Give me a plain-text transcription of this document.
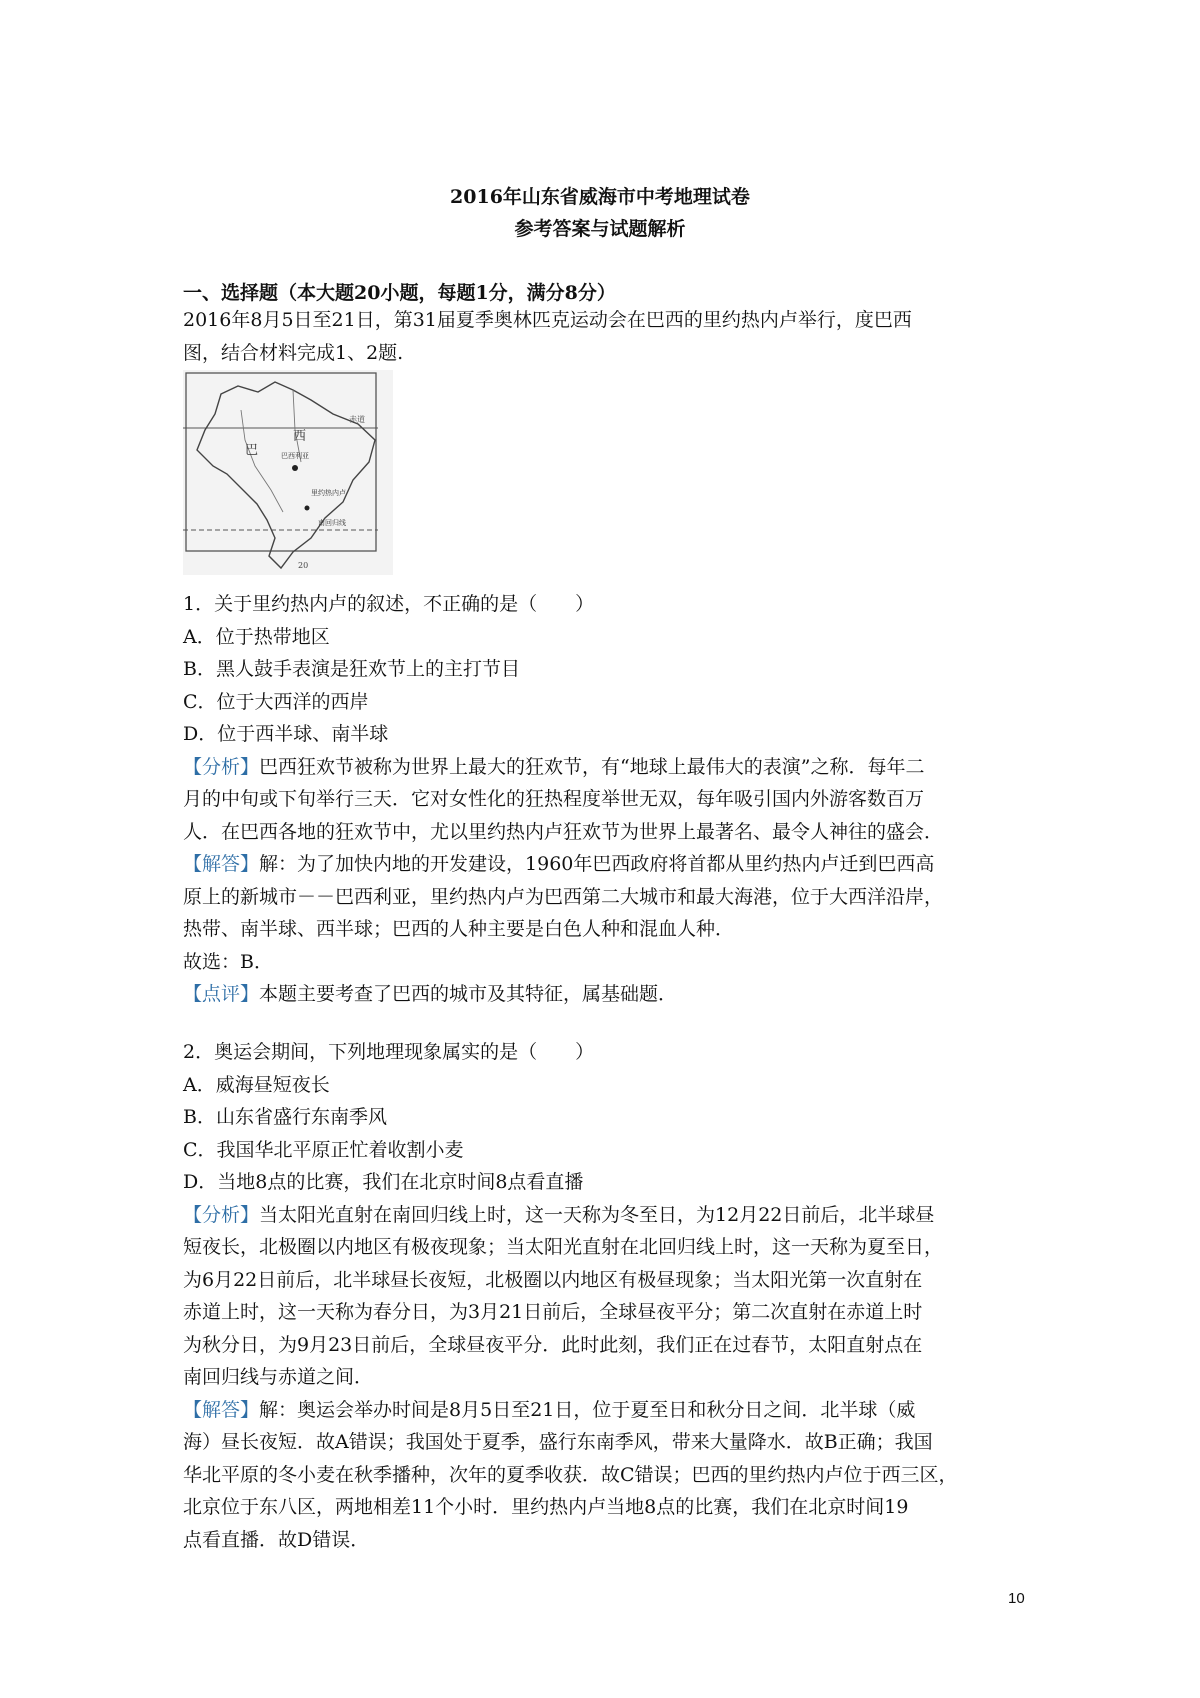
2016年山东省威海市中考地理试卷
参考答案与试题解析
一、选择题（本大题20小题，每题1分，满分8分）

2016年8月5日至21日，第31届夏季奥林匹克运动会在巴西的里约热内卢举行，度巴西

图，结合材料完成1、2题.

赤道
巴
西
巴西利亚
里约热内卢
南回归线
20

1．关于里约热内卢的叙述，不正确的是（　　）

A．位于热带地区

B．黑人鼓手表演是狂欢节上的主打节目

C．位于大西洋的西岸

D．位于西半球、南半球

【分析】巴西狂欢节被称为世界上最大的狂欢节，有“地球上最伟大的表演”之称．每年二

月的中旬或下旬举行三天．它对女性化的狂热程度举世无双，每年吸引国内外游客数百万

人．在巴西各地的狂欢节中，尤以里约热内卢狂欢节为世界上最著名、最令人神往的盛会．

【解答】解：为了加快内地的开发建设，1960年巴西政府将首都从里约热内卢迁到巴西高

原上的新城市－－巴西利亚，里约热内卢为巴西第二大城市和最大海港，位于大西洋沿岸，

热带、南半球、西半球；巴西的人种主要是白色人种和混血人种．

故选：B．

【点评】本题主要考查了巴西的城市及其特征，属基础题．

2．奥运会期间，下列地理现象属实的是（　　）

A．威海昼短夜长

B．山东省盛行东南季风

C．我国华北平原正忙着收割小麦

D．当地8点的比赛，我们在北京时间8点看直播

【分析】当太阳光直射在南回归线上时，这一天称为冬至日，为12月22日前后，北半球昼

短夜长，北极圈以内地区有极夜现象；当太阳光直射在北回归线上时，这一天称为夏至日，

为6月22日前后，北半球昼长夜短，北极圈以内地区有极昼现象；当太阳光第一次直射在

赤道上时，这一天称为春分日，为3月21日前后，全球昼夜平分；第二次直射在赤道上时

为秋分日，为9月23日前后，全球昼夜平分．此时此刻，我们正在过春节，太阳直射点在

南回归线与赤道之间．

【解答】解：奥运会举办时间是8月5日至21日，位于夏至日和秋分日之间．北半球（威

海）昼长夜短．故A错误；我国处于夏季，盛行东南季风，带来大量降水．故B正确；我国

华北平原的冬小麦在秋季播种，次年的夏季收获．故C错误；巴西的里约热内卢位于西三区，

北京位于东八区，两地相差11个小时．里约热内卢当地8点的比赛，我们在北京时间19

点看直播．故D错误．

10
